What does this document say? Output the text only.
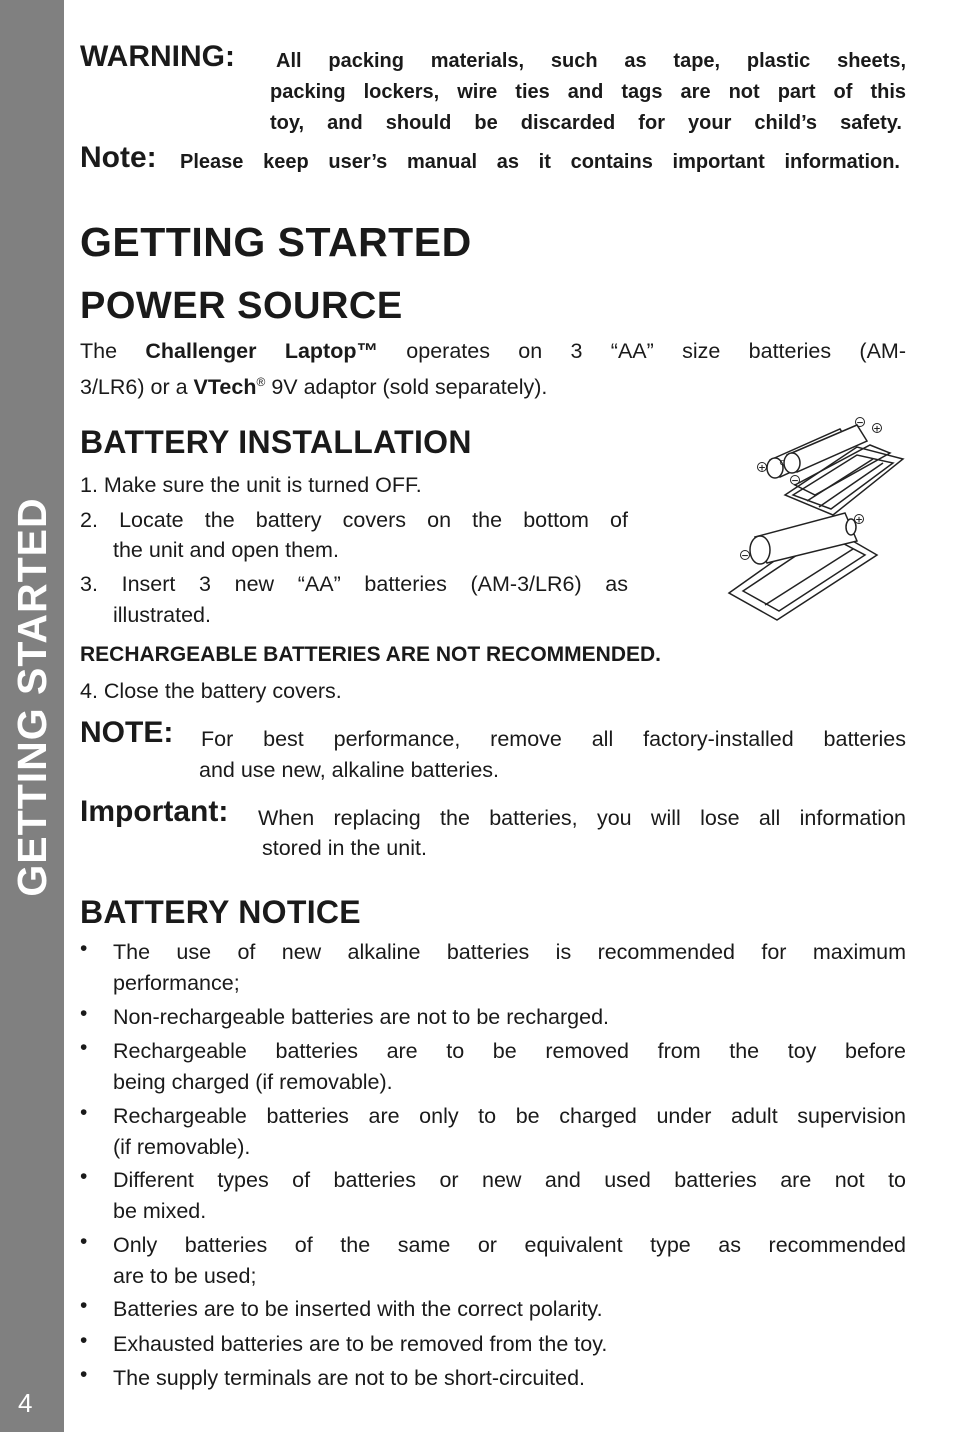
GETTING STARTED
4
WARNING: All packing materials, such as tape, plastic sheets,
packing lockers, wire ties and tags are not part of this
toy, and should be discarded for your child’s safety.
Note: Please keep user’s manual as it contains important information.
GETTING STARTED
POWER SOURCE
The Challenger Laptop™ operates on 3 “AA” size batteries (AM-
3/LR6) or a VTech® 9V adaptor (sold separately).
BATTERY INSTALLATION
1. Make sure the unit is turned OFF.
2. Locate the battery covers on the bottom of
the unit and open them.
3. Insert 3 new “AA” batteries (AM-3/LR6) as
illustrated.
RECHARGEABLE BATTERIES ARE NOT RECOMMENDED.
4. Close the battery covers.
−
+
−
+
+
−
C
NOTE: For best performance, remove all factory-installed batteries
and use new, alkaline batteries.
Important: When replacing the batteries, you will lose all information
stored in the unit.
BATTERY NOTICE
• The use of new alkaline batteries is recommended for maximum
performance;
• Non-rechargeable batteries are not to be recharged.
• Rechargeable batteries are to be removed from the toy before
being charged (if removable).
• Rechargeable batteries are only to be charged under adult supervision
(if removable).
• Different types of batteries or new and used batteries are not to
be mixed.
• Only batteries of the same or equivalent type as recommended
are to be used;
• Batteries are to be inserted with the correct polarity.
• Exhausted batteries are to be removed from the toy.
• The supply terminals are not to be short-circuited.
